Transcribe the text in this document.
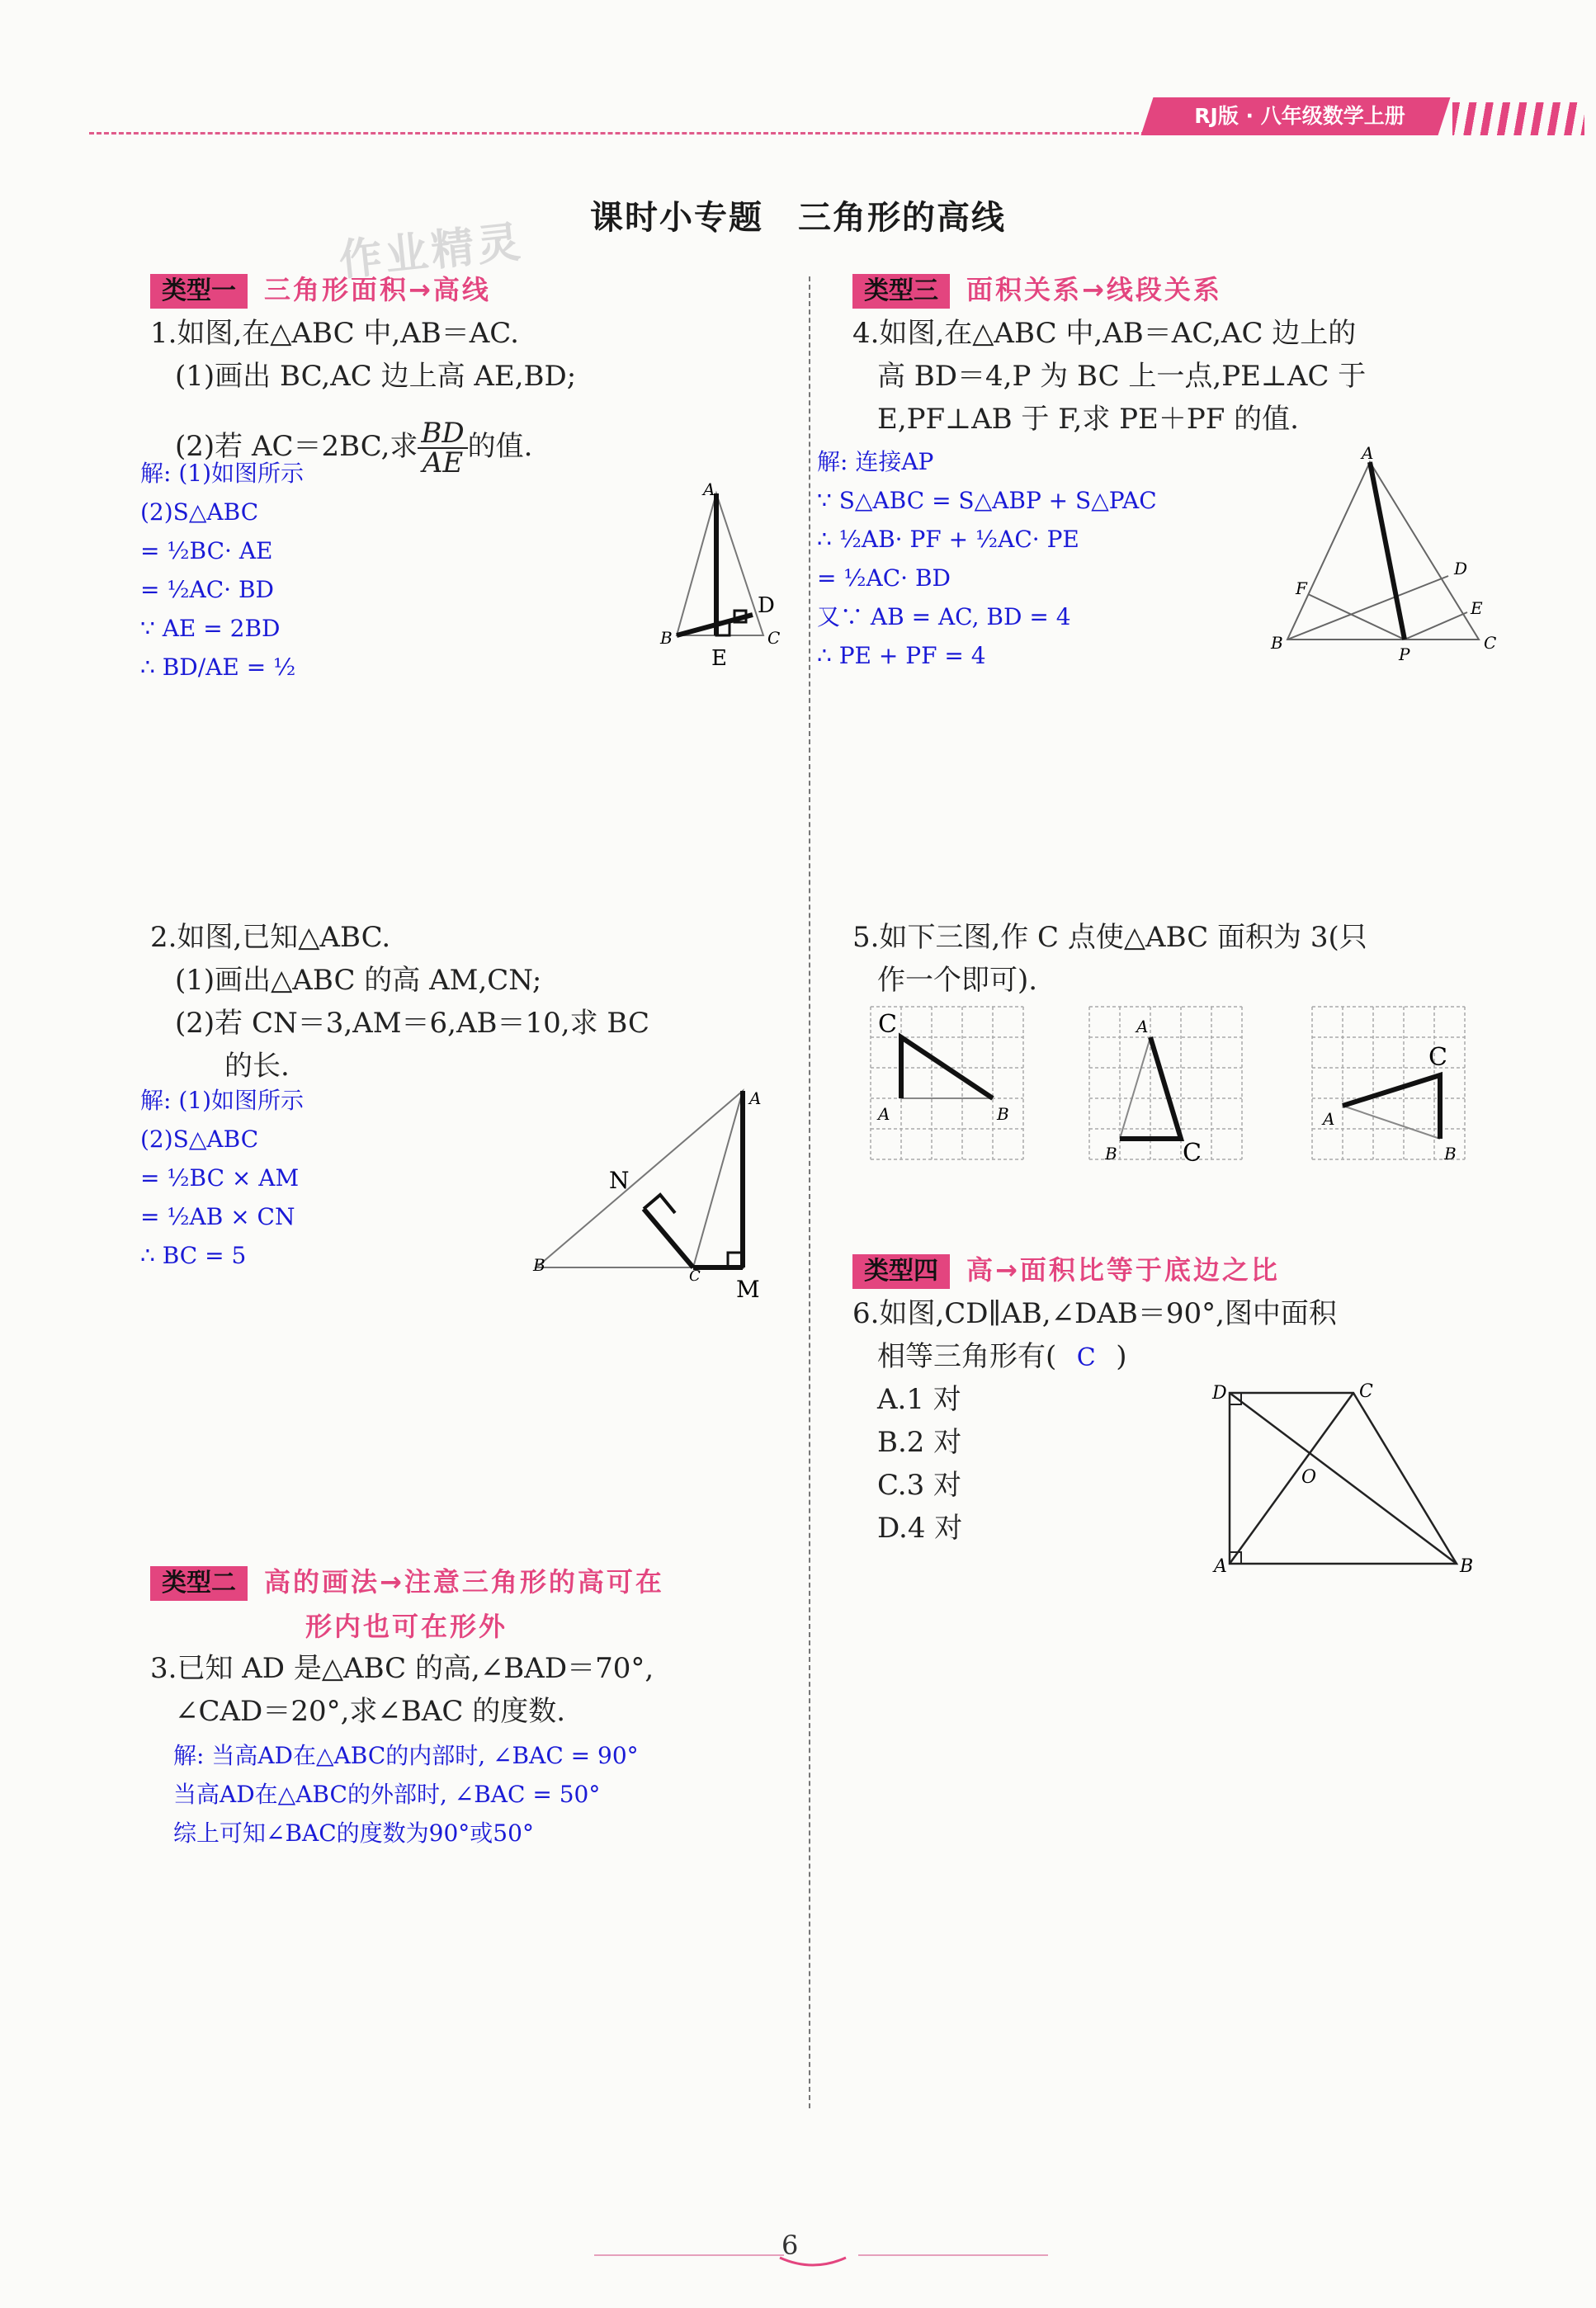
RJ版 · 八年级数学上册
课时小专题　三角形的高线
作业精灵
类型一 三角形面积→高线
1.如图,在△ABC 中,AB＝AC.
(1)画出 BC,AC 边上高 AE,BD;
(2)若 AC＝2BC,求 $\frac{BD}{AE}$ 的值.
解: (1)如图所示
(2)S△ABC
= ½BC· AE
= ½AC· BD
∵ AE = 2BD
∴ BD/AE = ½
A
B	C
D
E
2.如图,已知△ABC.
(1)画出△ABC 的高 AM,CN;
(2)若 CN＝3,AM＝6,AB＝10,求 BC
的长.
解: (1)如图所示
(2)S△ABC
= ½BC × AM
= ½AB × CN
∴ BC = 5
A
B
C
N
M
类型二 高的画法→注意三角形的高可在
形内也可在形外
3.已知 AD 是△ABC 的高,∠BAD＝70°,
∠CAD＝20°,求∠BAC 的度数.
解: 当高AD在△ABC的内部时, ∠BAC = 90°
当高AD在△ABC的外部时, ∠BAC = 50°
综上可知∠BAC的度数为90°或50°
类型三 面积关系→线段关系
4.如图,在△ABC 中,AB＝AC,AC 边上的
高 BD＝4,P 为 BC 上一点,PE⊥AC 于
E,PF⊥AB 于 F,求 PE＋PF 的值.
解: 连接AP
∵ S△ABC = S△ABP + S△PAC
∴ ½AB· PF + ½AC· PE
= ½AC· BD
又∵ AB = AC, BD = 4
∴ PE + PF = 4
A
B	C
D
E
F
P
5.如下三图,作 C 点使△ABC 面积为 3(只
作一个即可).
C
A	B
A
B	C
C
A
B
类型四 高→面积比等于底边之比
6.如图,CD∥AB,∠DAB＝90°,图中面积
相等三角形有( C )
A.1 对
B.2 对
C.3 对
D.4 对
D	C
O
A	B
6
